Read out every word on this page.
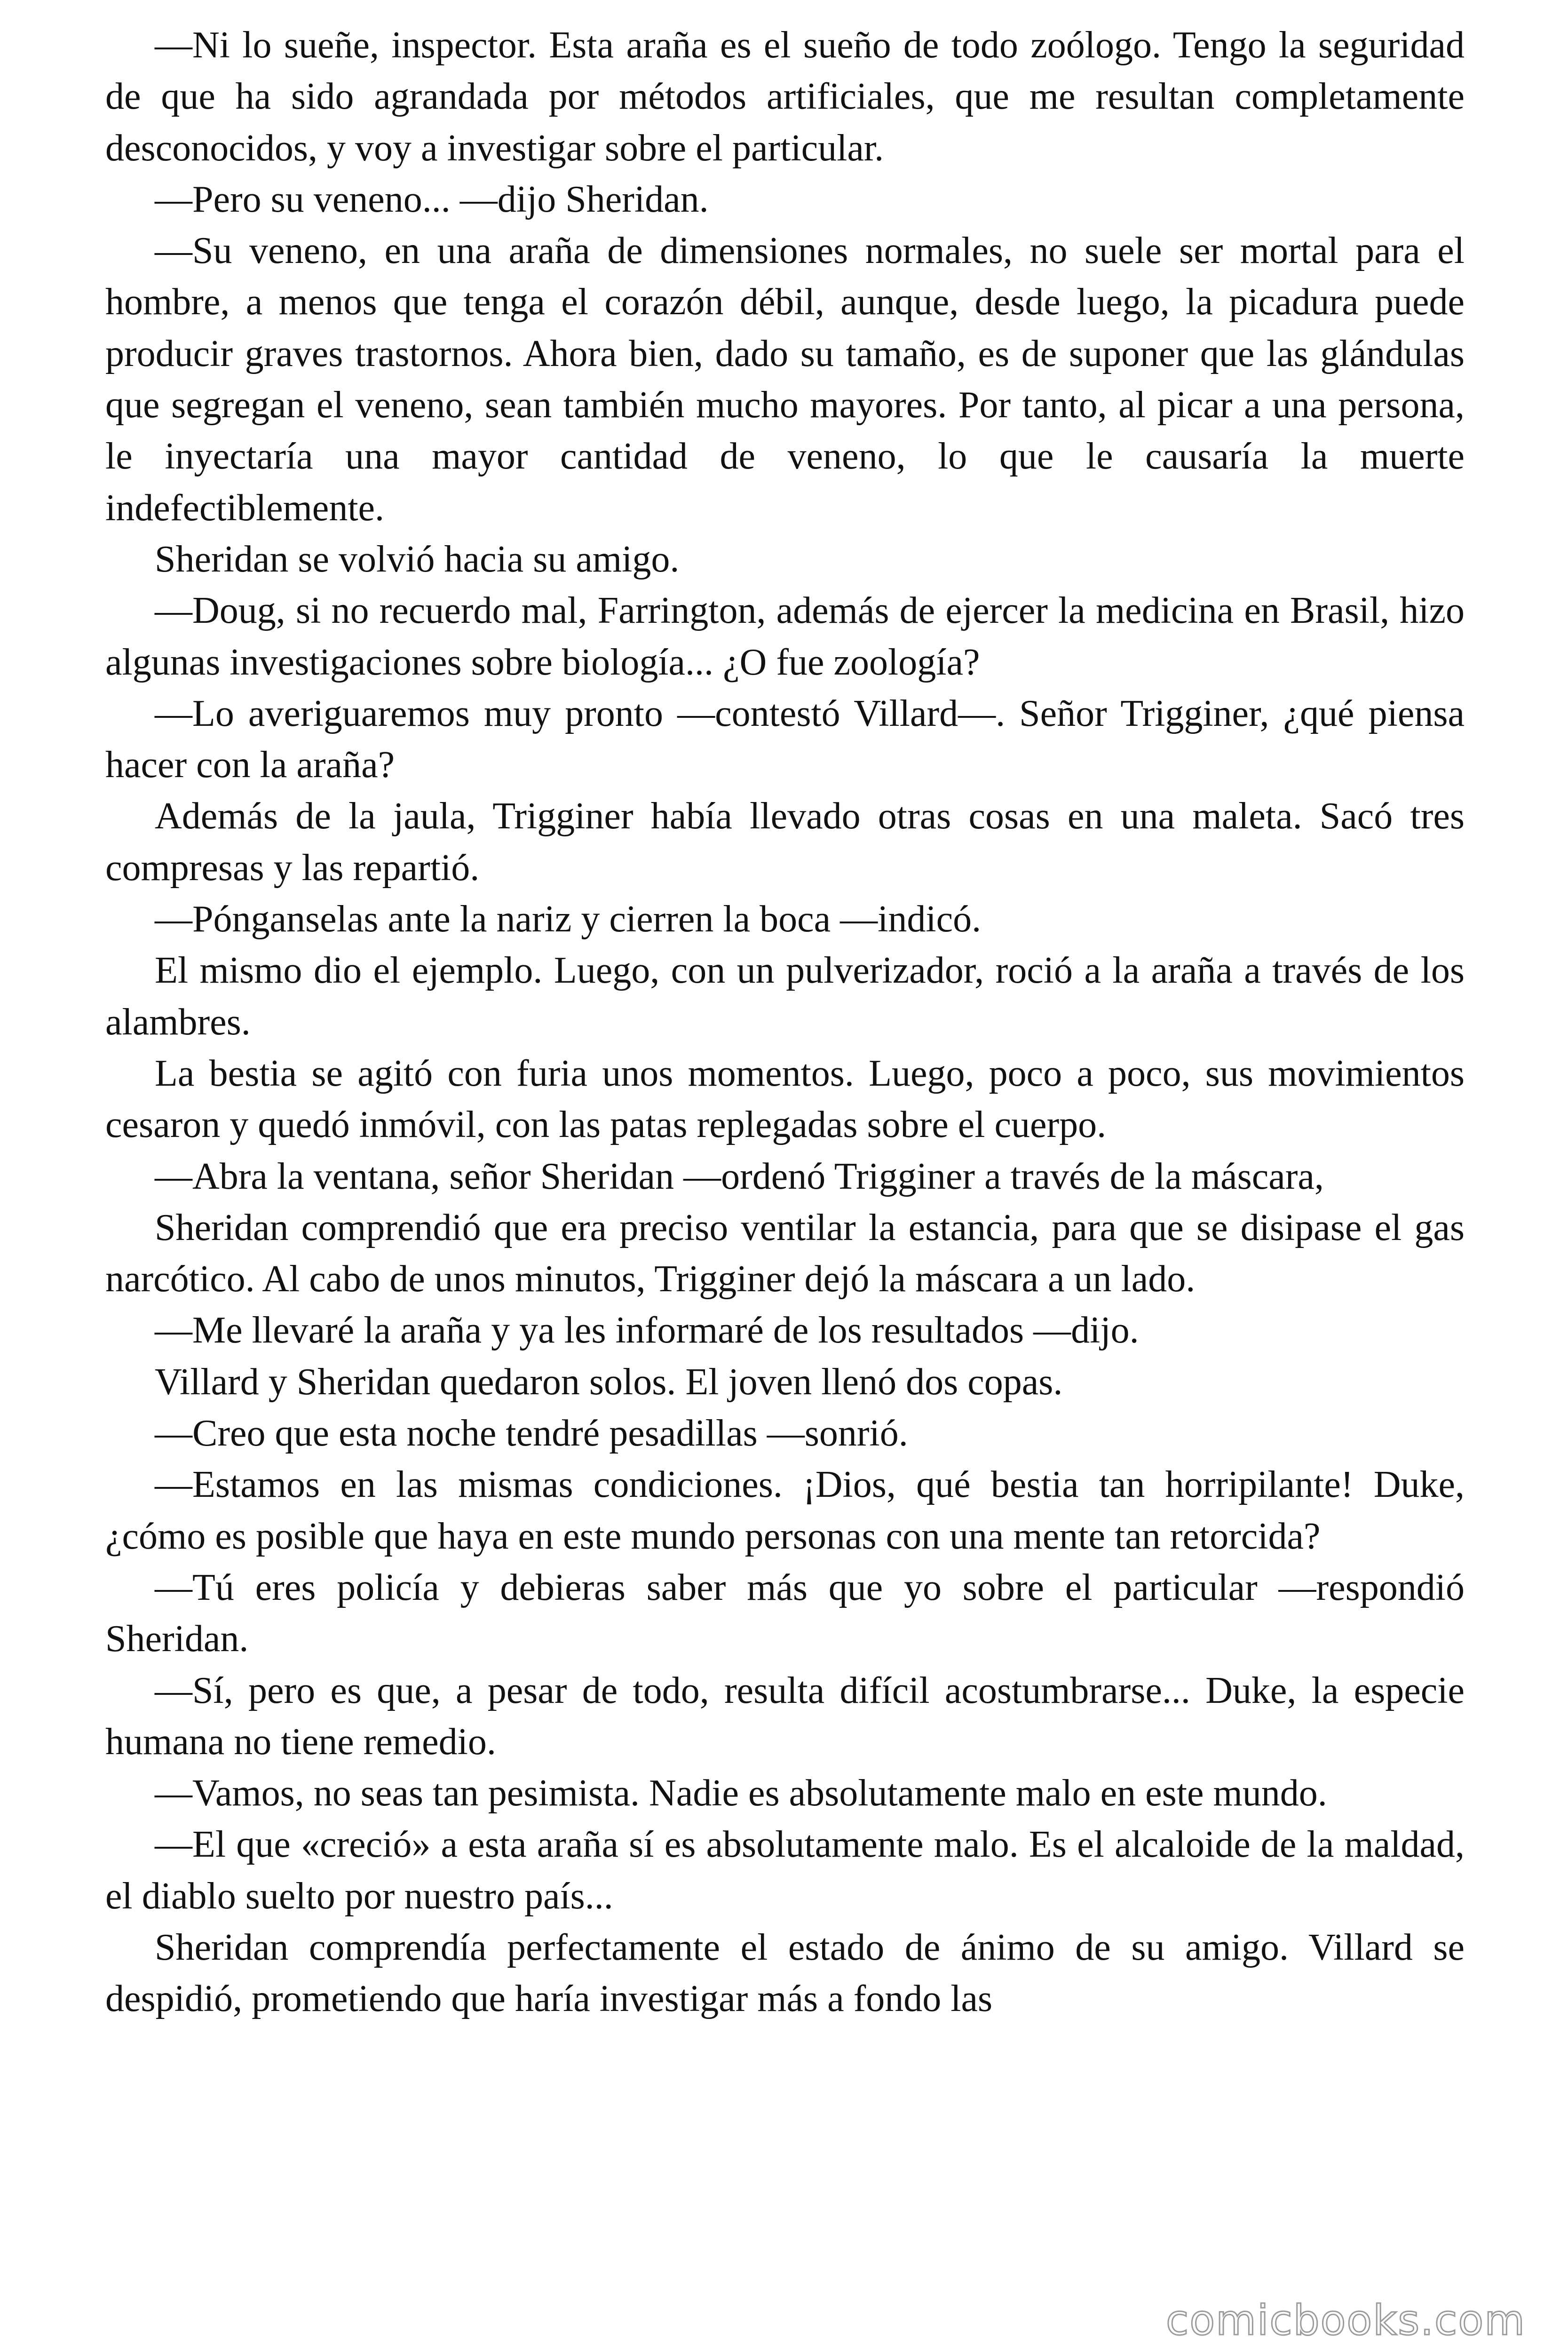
—Ni lo sueñe, inspector. Esta araña es el sueño de todo zoólogo. Tengo la seguridad de que ha sido agrandada por métodos artificiales, que me resultan completamente desconocidos, y voy a investigar sobre el particular.

—Pero su veneno... —dijo Sheridan.

—Su veneno, en una araña de dimensiones normales, no suele ser mortal para el hombre, a menos que tenga el corazón débil, aunque, desde luego, la picadura puede producir graves trastornos. Ahora bien, dado su tamaño, es de suponer que las glándulas que segregan el veneno, sean también mucho mayores. Por tanto, al picar a una persona, le inyectaría una mayor cantidad de veneno, lo que le causaría la muerte indefectiblemente.

Sheridan se volvió hacia su amigo.

—Doug, si no recuerdo mal, Farrington, además de ejercer la medicina en Brasil, hizo algunas investigaciones sobre biología... ¿O fue zoología?

—Lo averiguaremos muy pronto —contestó Villard—. Señor Trigginer, ¿qué piensa hacer con la araña?

Además de la jaula, Trigginer había llevado otras cosas en una maleta. Sacó tres compresas y las repartió.

—Pónganselas ante la nariz y cierren la boca —indicó.

El mismo dio el ejemplo. Luego, con un pulverizador, roció a la araña a través de los alambres.

La bestia se agitó con furia unos momentos. Luego, poco a poco, sus movimientos cesaron y quedó inmóvil, con las patas replegadas sobre el cuerpo.

—Abra la ventana, señor Sheridan —ordenó Trigginer a través de la máscara,

Sheridan comprendió que era preciso ventilar la estancia, para que se disipase el gas narcótico. Al cabo de unos minutos, Trigginer dejó la máscara a un lado.

—Me llevaré la araña y ya les informaré de los resultados —dijo.

Villard y Sheridan quedaron solos. El joven llenó dos copas.

—Creo que esta noche tendré pesadillas —sonrió.

—Estamos en las mismas condiciones. ¡Dios, qué bestia tan horripilante! Duke, ¿cómo es posible que haya en este mundo personas con una mente tan retorcida?

—Tú eres policía y debieras saber más que yo sobre el particular —respondió Sheridan.

—Sí, pero es que, a pesar de todo, resulta difícil acostumbrarse... Duke, la especie humana no tiene remedio.

—Vamos, no seas tan pesimista. Nadie es absolutamente malo en este mundo.

—El que «creció» a esta araña sí es absolutamente malo. Es el alcaloide de la maldad, el diablo suelto por nuestro país...

Sheridan comprendía perfectamente el estado de ánimo de su amigo. Villard se despidió, prometiendo que haría investigar más a fondo las

comicbooks.com
